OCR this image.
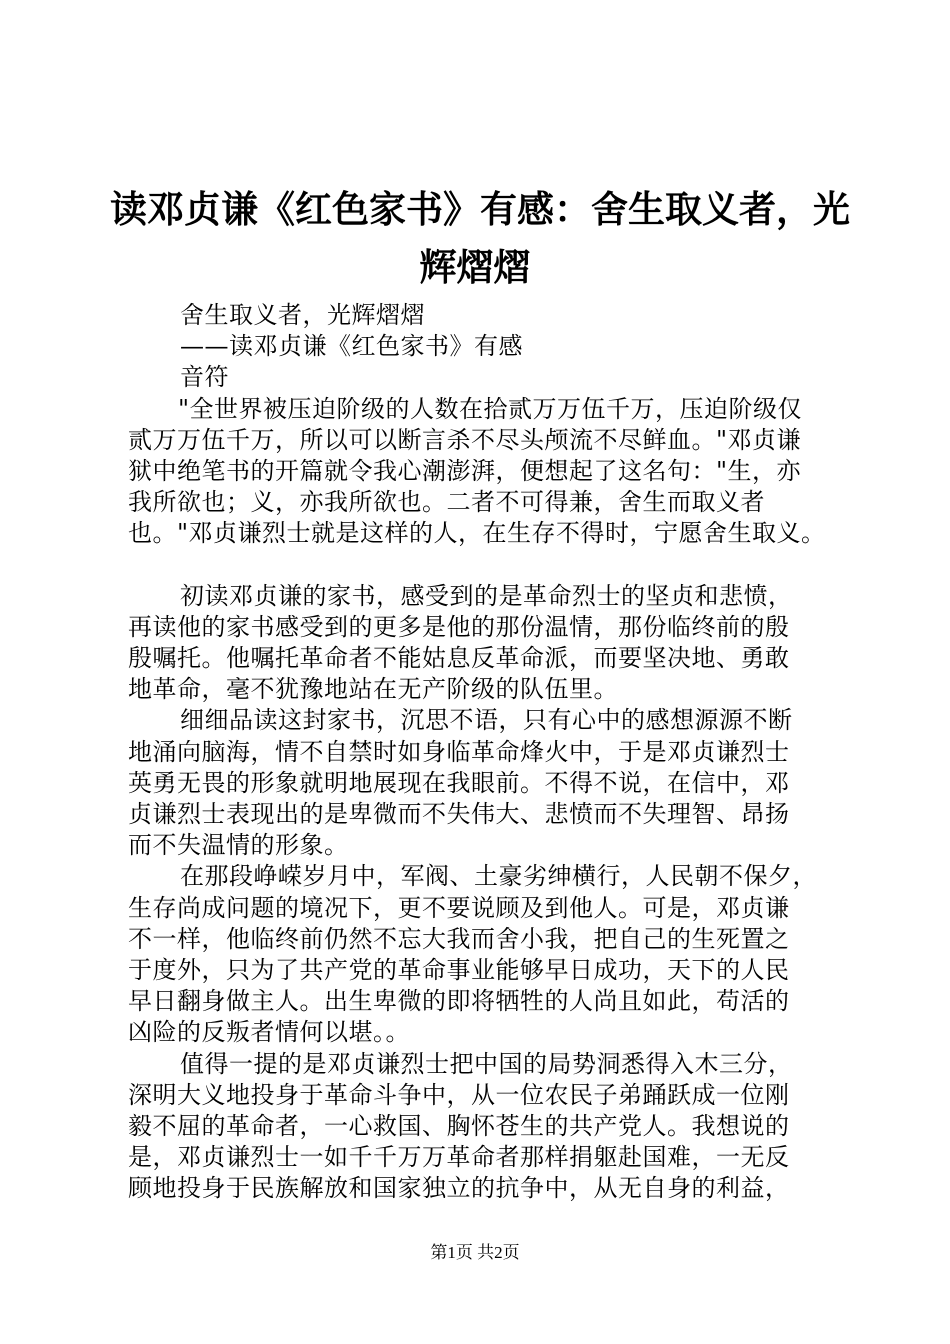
读邓贞谦《红色家书》有感：舍生取义者，光
辉熠熠
舍生取义者，光辉熠熠
——读邓贞谦《红色家书》有感
音符
"全世界被压迫阶级的人数在拾贰万万伍千万，压迫阶级仅
贰万万伍千万，所以可以断言杀不尽头颅流不尽鲜血。"邓贞谦
狱中绝笔书的开篇就令我心潮澎湃，便想起了这名句："生，亦
我所欲也；义，亦我所欲也。二者不可得兼，舍生而取义者
也。"邓贞谦烈士就是这样的人，在生存不得时，宁愿舍生取义。
初读邓贞谦的家书，感受到的是革命烈士的坚贞和悲愤，
再读他的家书感受到的更多是他的那份温情，那份临终前的殷
殷嘱托。他嘱托革命者不能姑息反革命派，而要坚决地、勇敢
地革命，毫不犹豫地站在无产阶级的队伍里。
细细品读这封家书，沉思不语，只有心中的感想源源不断
地涌向脑海，情不自禁时如身临革命烽火中，于是邓贞谦烈士
英勇无畏的形象就明地展现在我眼前。不得不说，在信中，邓
贞谦烈士表现出的是卑微而不失伟大、悲愤而不失理智、昂扬
而不失温情的形象。
在那段峥嵘岁月中，军阀、土豪劣绅横行，人民朝不保夕，
生存尚成问题的境况下，更不要说顾及到他人。可是，邓贞谦
不一样，他临终前仍然不忘大我而舍小我，把自己的生死置之
于度外，只为了共产党的革命事业能够早日成功，天下的人民
早日翻身做主人。出生卑微的即将牺牲的人尚且如此，苟活的
凶险的反叛者情何以堪。。
值得一提的是邓贞谦烈士把中国的局势洞悉得入木三分，
深明大义地投身于革命斗争中，从一位农民子弟踊跃成一位刚
毅不屈的革命者，一心救国、胸怀苍生的共产党人。我想说的
是，邓贞谦烈士一如千千万万革命者那样捐躯赴国难，一无反
顾地投身于民族解放和国家独立的抗争中，从无自身的利益，
第1页 共2页
